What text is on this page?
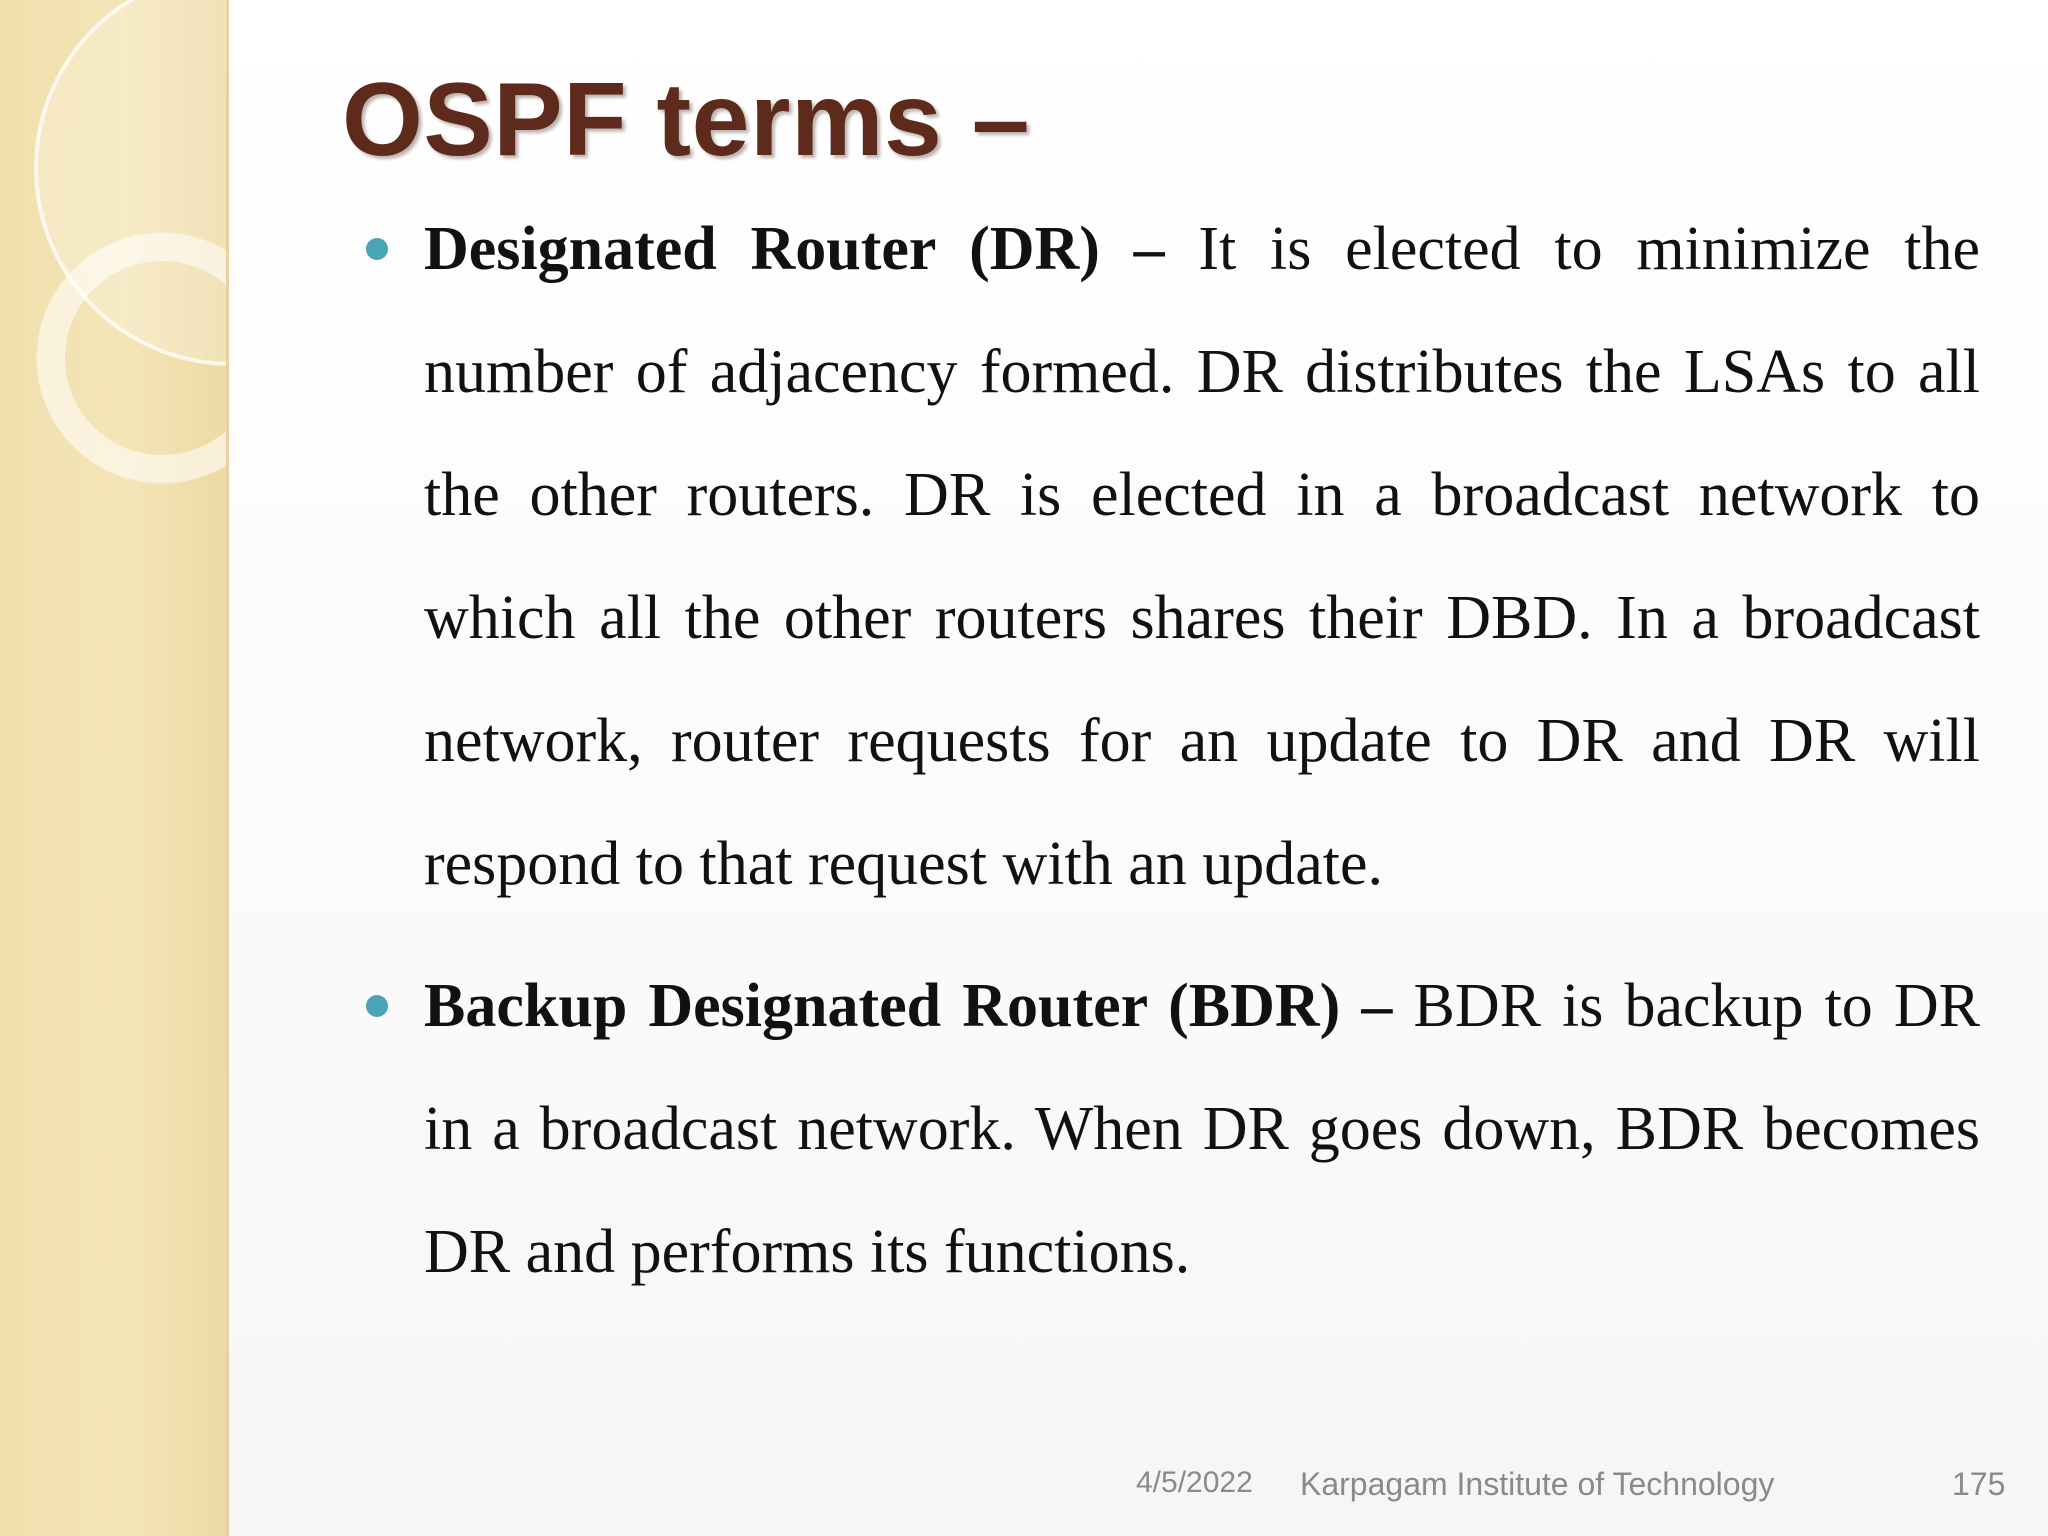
OSPF terms –
Designated Router (DR) – It is elected to minimize the number of adjacency formed. DR distributes the LSAs to all the other routers. DR is elected in a broadcast network to which all the other routers shares their DBD. In a broadcast network, router requests for an update to DR and DR will respond to that request with an update.
Backup Designated Router (BDR) – BDR is backup to DR in a broadcast network. When DR goes down, BDR becomes DR and performs its functions.
4/5/2022 Karpagam Institute of Technology	175
